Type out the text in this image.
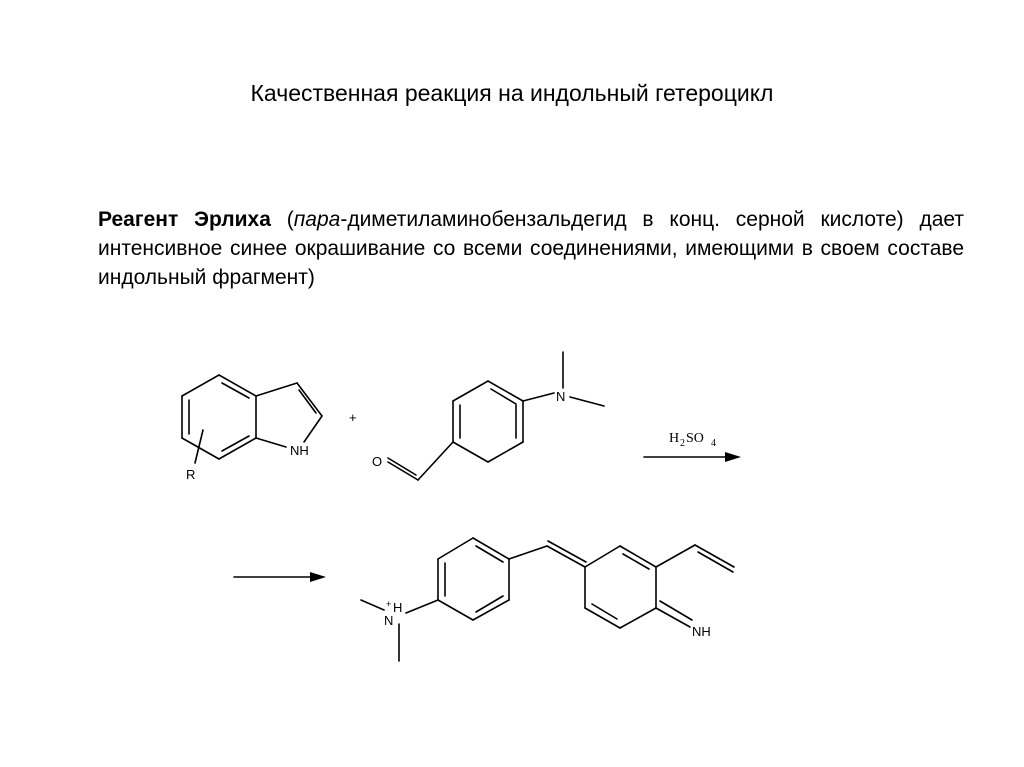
Качественная реакция на индольный гетероцикл
Реагент Эрлиха (пара-диметиламинобензальдегид в конц. серной кислоте) дает интенсивное синее окрашивание со всеми соединениями, имеющими в своем составе индольный фрагмент)
R
NH
+
O
N
H 2 SO 4
+ H
N
NH
